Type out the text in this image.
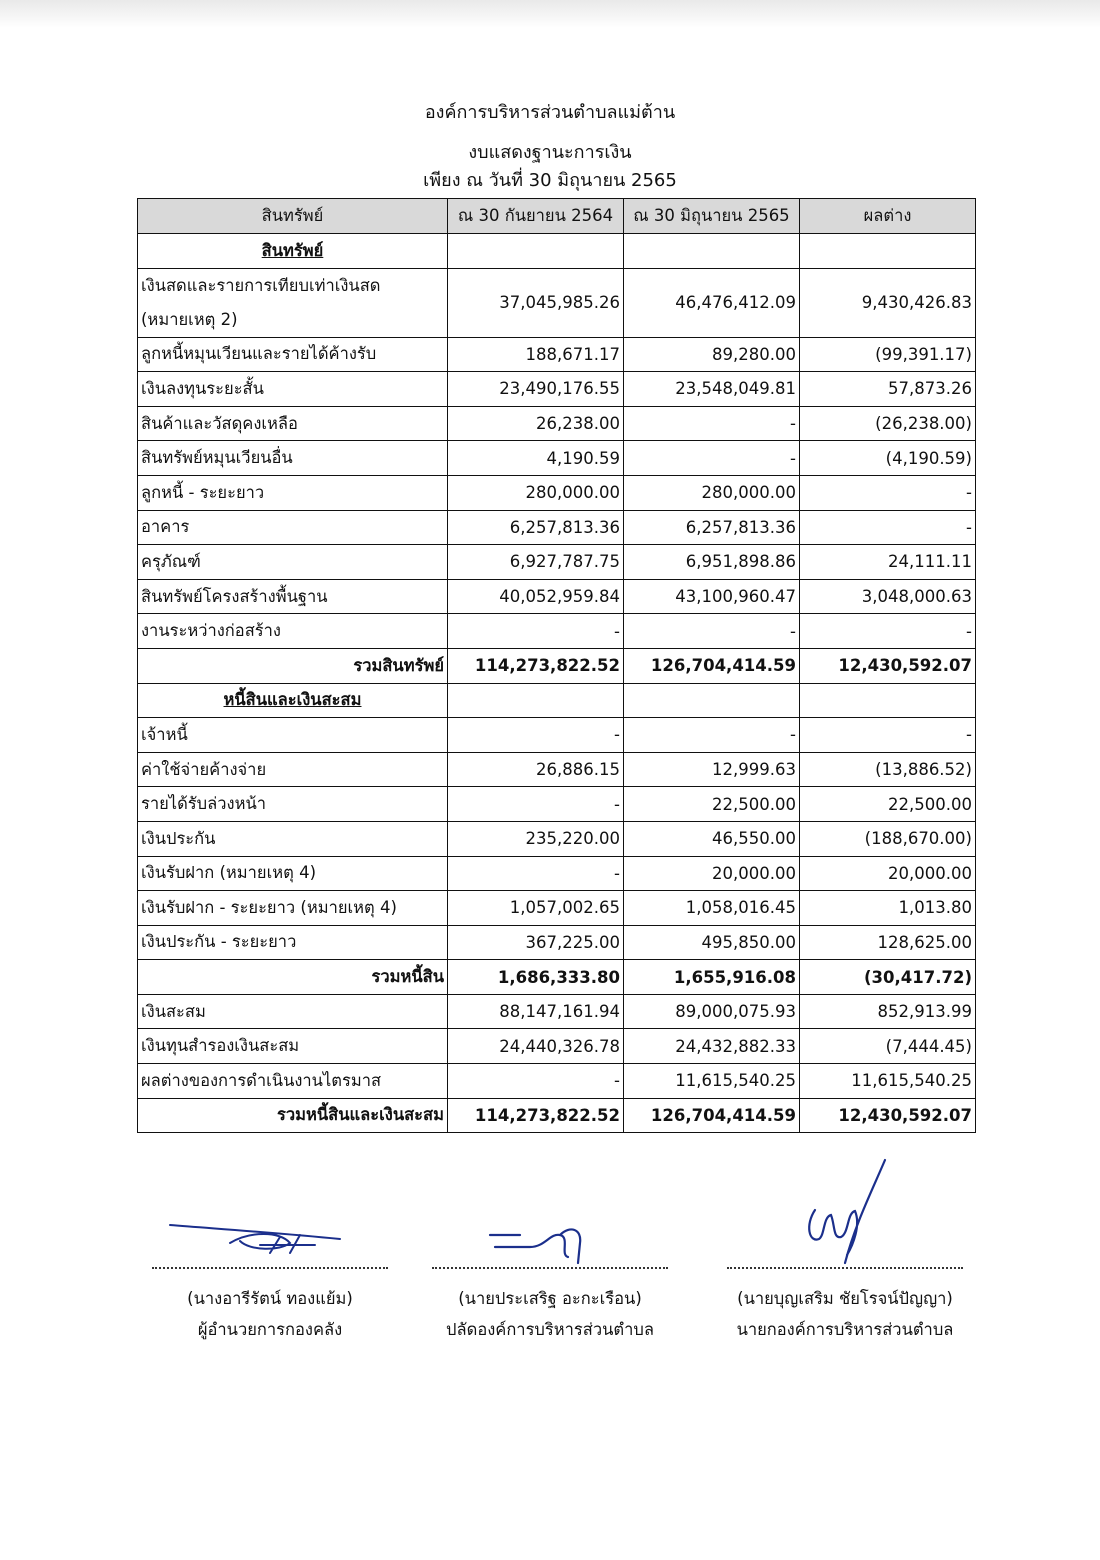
องค์การบริหารส่วนตำบลแม่ต้าน
งบแสดงฐานะการเงิน
เพียง ณ วันที่ 30 มิถุนายน 2565
สินทรัพย์	ณ 30 กันยายน 2564	ณ 30 มิถุนายน 2565	ผลต่าง
สินทรัพย์			
เงินสดและรายการเทียบเท่าเงินสด (หมายเหตุ 2)	37,045,985.26	46,476,412.09	9,430,426.83
ลูกหนี้หมุนเวียนและรายได้ค้างรับ	188,671.17	89,280.00	(99,391.17)
เงินลงทุนระยะสั้น	23,490,176.55	23,548,049.81	57,873.26
สินค้าและวัสดุคงเหลือ	26,238.00	-	(26,238.00)
สินทรัพย์หมุนเวียนอื่น	4,190.59	-	(4,190.59)
ลูกหนี้ - ระยะยาว	280,000.00	280,000.00	-
อาคาร	6,257,813.36	6,257,813.36	-
ครุภัณฑ์	6,927,787.75	6,951,898.86	24,111.11
สินทรัพย์โครงสร้างพื้นฐาน	40,052,959.84	43,100,960.47	3,048,000.63
งานระหว่างก่อสร้าง	-	-	-
รวมสินทรัพย์	114,273,822.52	126,704,414.59	12,430,592.07
หนี้สินและเงินสะสม			
เจ้าหนี้	-	-	-
ค่าใช้จ่ายค้างจ่าย	26,886.15	12,999.63	(13,886.52)
รายได้รับล่วงหน้า	-	22,500.00	22,500.00
เงินประกัน	235,220.00	46,550.00	(188,670.00)
เงินรับฝาก (หมายเหตุ 4)	-	20,000.00	20,000.00
เงินรับฝาก - ระยะยาว (หมายเหตุ 4)	1,057,002.65	1,058,016.45	1,013.80
เงินประกัน - ระยะยาว	367,225.00	495,850.00	128,625.00
รวมหนี้สิน	1,686,333.80	1,655,916.08	(30,417.72)
เงินสะสม	88,147,161.94	89,000,075.93	852,913.99
เงินทุนสำรองเงินสะสม	24,440,326.78	24,432,882.33	(7,444.45)
ผลต่างของการดำเนินงานไตรมาส	-	11,615,540.25	11,615,540.25
รวมหนี้สินและเงินสะสม	114,273,822.52	126,704,414.59	12,430,592.07
(นางอารีรัตน์ ทองแย้ม)
ผู้อำนวยการกองคลัง
(นายประเสริฐ อะกะเรือน)
ปลัดองค์การบริหารส่วนตำบล
(นายบุญเสริม ชัยโรจน์ปัญญา)
นายกองค์การบริหารส่วนตำบล
